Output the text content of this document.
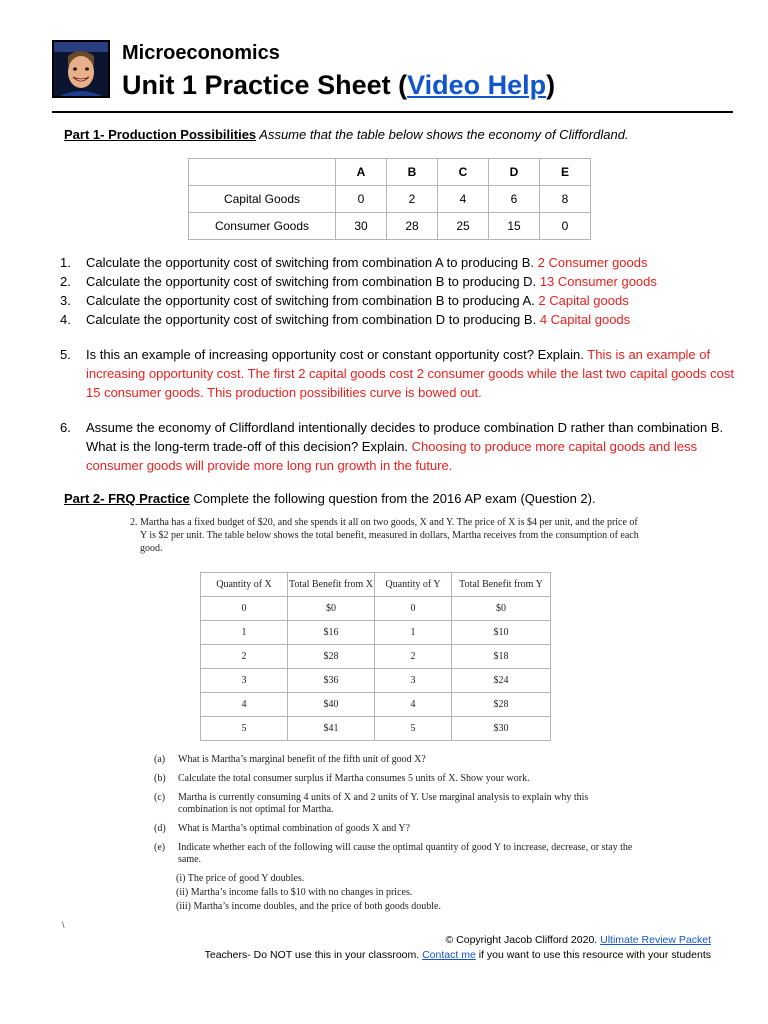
Microeconomics
Unit 1 Practice Sheet (Video Help)
Part 1- Production Possibilities Assume that the table below shows the economy of Cliffordland.
	A	B	C	D	E
Capital Goods	0	2	4	6	8
Consumer Goods	30	28	25	15	0
1. Calculate the opportunity cost of switching from combination A to producing B. 2 Consumer goods
2. Calculate the opportunity cost of switching from combination B to producing D. 13 Consumer goods
3. Calculate the opportunity cost of switching from combination B to producing A. 2 Capital goods
4. Calculate the opportunity cost of switching from combination D to producing B. 4 Capital goods
5. Is this an example of increasing opportunity cost or constant opportunity cost? Explain. This is an example of increasing opportunity cost. The first 2 capital goods cost 2 consumer goods while the last two capital goods cost 15 consumer goods. This production possibilities curve is bowed out.
6. Assume the economy of Cliffordland intentionally decides to produce combination D rather than combination B. What is the long-term trade-off of this decision? Explain. Choosing to produce more capital goods and less consumer goods will provide more long run growth in the future.
Part 2- FRQ Practice Complete the following question from the 2016 AP exam (Question 2).
2. Martha has a fixed budget of $20, and she spends it all on two goods, X and Y. The price of X is $4 per unit, and the price of Y is $2 per unit. The table below shows the total benefit, measured in dollars, Martha receives from the consumption of each good.
Quantity of X	Total Benefit from X	Quantity of Y	Total Benefit from Y
0	$0	0	$0
1	$16	1	$10
2	$28	2	$18
3	$36	3	$24
4	$40	4	$28
5	$41	5	$30
(a) What is Martha’s marginal benefit of the fifth unit of good X?
(b) Calculate the total consumer surplus if Martha consumes 5 units of X. Show your work.
(c) Martha is currently consuming 4 units of X and 2 units of Y. Use marginal analysis to explain why this combination is not optimal for Martha.
(d) What is Martha’s optimal combination of goods X and Y?
(e) Indicate whether each of the following will cause the optimal quantity of good Y to increase, decrease, or stay the same.
(i) The price of good Y doubles.
(ii) Martha’s income falls to $10 with no changes in prices.
(iii) Martha’s income doubles, and the price of both goods double.
\
© Copyright Jacob Clifford 2020. Ultimate Review Packet
Teachers- Do NOT use this in your classroom. Contact me if you want to use this resource with your students
